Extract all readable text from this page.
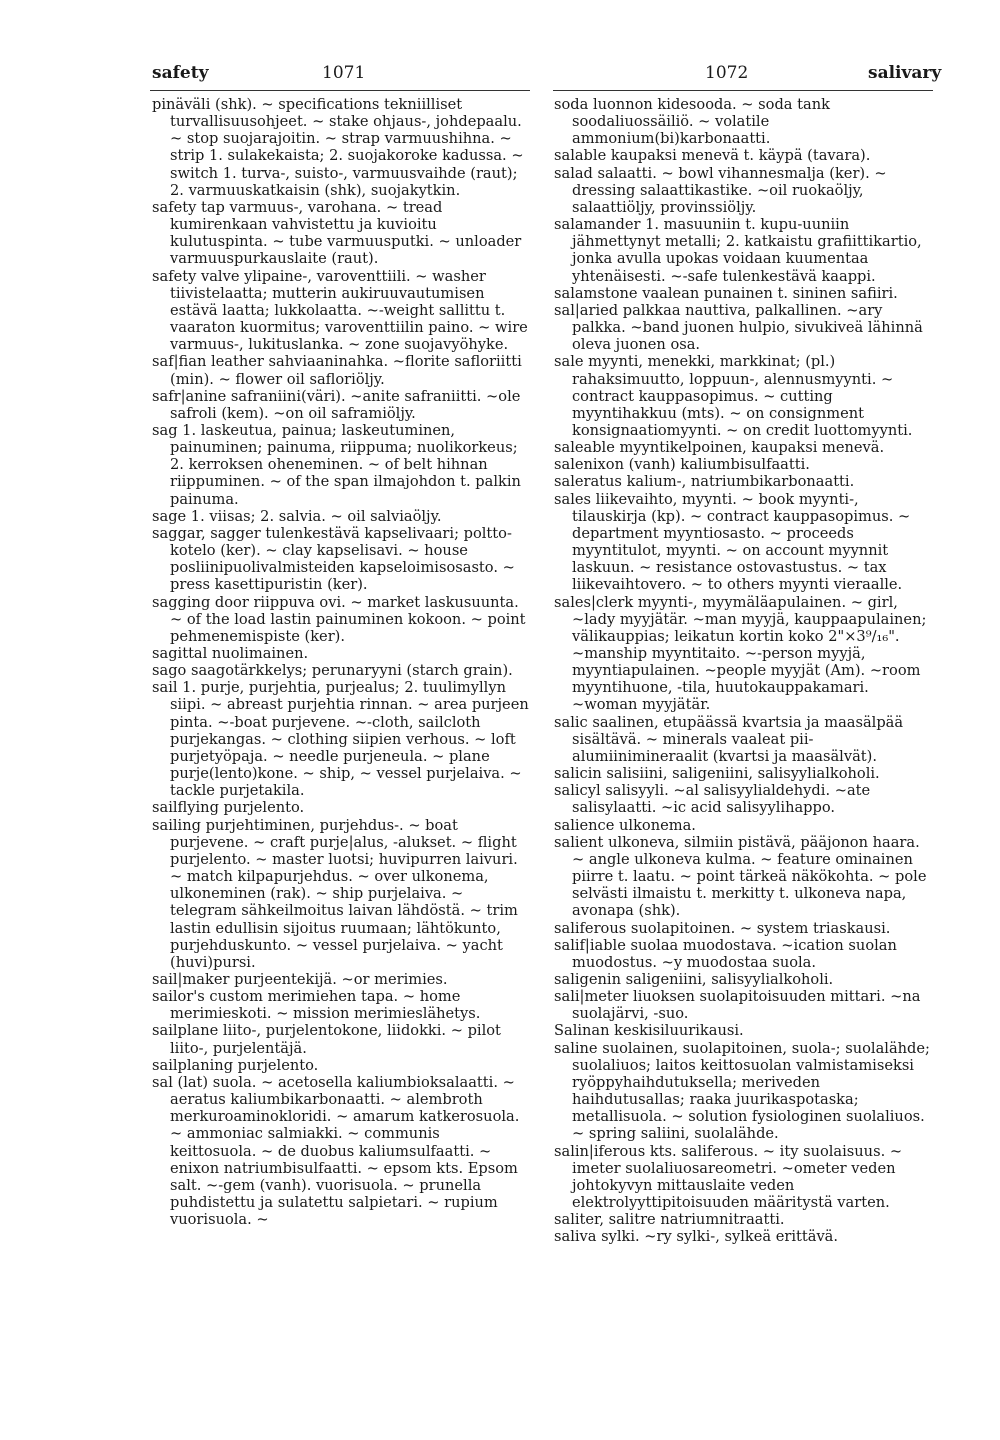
safety	1071	1072	salivary

pinäväli (shk). ~ specifications tekniilliset turvallisuusohjeet. ~ stake ohjaus-, johdepaalu. ~ stop suojarajoitin. ~ strap varmuushihna. ~ strip 1. sulakekaista; 2. suojakoroke kadussa. ~ switch 1. turva-, suisto-, varmuusvaihde (raut); 2. varmuuskatkaisin (shk), suojakytkin.

safety tap varmuus-, varohana. ~ tread kumirenkaan vahvistettu ja kuvioitu kulutuspinta. ~ tube varmuusputki. ~ unloader varmuuspurkauslaite (raut).

safety valve ylipaine-, varoventtiili. ~ washer tiivistelaatta; mutterin aukiruuvautumisen estävä laatta; lukkolaatta. ~-weight sallittu t. vaaraton kuormitus; varoventtiilin paino. ~ wire varmuus-, lukituslanka. ~ zone suojavyöhyke.

saf|fian leather sahviaaninahka. ~florite safloriitti (min). ~ flower oil safloriöljy.

safr|anine safraniini(väri). ~anite safraniitti. ~ole safroli (kem). ~on oil saframiöljy.

sag 1. laskeutua, painua; laskeutuminen, painuminen; painuma, riippuma; nuolikorkeus; 2. kerroksen oheneminen. ~ of belt hihnan riippuminen. ~ of the span ilmajohdon t. palkin painuma.

sage 1. viisas; 2. salvia. ~ oil salviaöljy.

saggar, sagger tulenkestävä kapselivaari; polttokotelo (ker). ~ clay kapselisavi. ~ house posliinipuolivalmisteiden kapseloimisosasto. ~ press kasettipuristin (ker).

sagging door riippuva ovi. ~ market laskusuunta. ~ of the load lastin painuminen kokoon. ~ point pehmenemispiste (ker).

sagittal nuolimainen.

sago saagotärkkelys; perunaryyni (starch grain).

sail 1. purje, purjehtia, purjealus; 2. tuulimyllyn siipi. ~ abreast purjehtia rinnan. ~ area purjeen pinta. ~-boat purjevene. ~-cloth, sailcloth purjekangas. ~ clothing siipien verhous. ~ loft purjetyöpaja. ~ needle purjeneula. ~ plane purje(lento)kone. ~ ship, ~ vessel purjelaiva. ~ tackle purjetakila.

sailflying purjelento.

sailing purjehtiminen, purjehdus-. ~ boat purjevene. ~ craft purje|alus, -alukset. ~ flight purjelento. ~ master luotsi; huvipurren laivuri. ~ match kilpapurjehdus. ~ over ulkonema, ulkoneminen (rak). ~ ship purjelaiva. ~ telegram sähkeilmoitus laivan lähdöstä. ~ trim lastin edullisin sijoitus ruumaan; lähtökunto, purjehduskunto. ~ vessel purjelaiva. ~ yacht (huvi)pursi.

sail|maker purjeentekijä. ~or merimies.

sailor's custom merimiehen tapa. ~ home merimieskoti. ~ mission merimieslähetys.

sailplane liito-, purjelentokone, liidokki. ~ pilot liito-, purjelentäjä.

sailplaning purjelento.

sal (lat) suola. ~ acetosella kaliumbioksalaatti. ~ aeratus kaliumbikarbonaatti. ~ alembroth merkuroaminokloridi. ~ amarum katkerosuola. ~ ammoniac salmiakki. ~ communis keittosuola. ~ de duobus kaliumsulfaatti. ~ enixon natriumbisulfaatti. ~ epsom kts. Epsom salt. ~-gem (vanh). vuorisuola. ~ prunella puhdistettu ja sulatettu salpietari. ~ rupium vuorisuola. ~

soda luonnon kidesooda. ~ soda tank soodaliuossäiliö. ~ volatile ammonium(bi)karbonaatti.

salable kaupaksi menevä t. käypä (tavara).

salad salaatti. ~ bowl vihannesmalja (ker). ~ dressing salaattikastike. ~oil ruokaöljy, salaattiöljy, provinssiöljy.

salamander 1. masuuniin t. kupu-uuniin jähmettynyt metalli; 2. katkaistu grafiittikartio, jonka avulla upokas voidaan kuumentaa yhtenäisesti. ~-safe tulenkestävä kaappi.

salamstone vaalean punainen t. sininen safiiri.

sal|aried palkkaa nauttiva, palkallinen. ~ary palkka. ~band juonen hulpio, sivukiveä lähinnä oleva juonen osa.

sale myynti, menekki, markkinat; (pl.) rahaksimuutto, loppuun-, alennusmyynti. ~ contract kauppasopimus. ~ cutting myyntihakkuu (mts). ~ on consignment konsignaatiomyynti. ~ on credit luottomyynti.

saleable myyntikelpoinen, kaupaksi menevä.

salenixon (vanh) kaliumbisulfaatti.

saleratus kalium-, natriumbikarbonaatti.

sales liikevaihto, myynti. ~ book myynti-, tilauskirja (kp). ~ contract kauppasopimus. ~ department myyntiosasto. ~ proceeds myyntitulot, myynti. ~ on account myynnit laskuun. ~ resistance ostovastustus. ~ tax liikevaihtovero. ~ to others myynti vieraalle.

sales|clerk myynti-, myymäläapulainen. ~ girl, ~lady myyjätär. ~man myyjä, kauppaapulainen; välikauppias; leikatun kortin koko 2"×3⁹/₁₆". ~manship myyntitaito. ~-person myyjä, myyntiapulainen. ~people myyjät (Am). ~room myyntihuone, -tila, huutokauppakamari. ~woman myyjätär.

salic saalinen, etupäässä kvartsia ja maasälpää sisältävä. ~ minerals vaaleat pii-alumiinimineraalit (kvartsi ja maasälvät).

salicin salisiini, saligeniini, salisyylialkoholi.

salicyl salisyyli. ~al salisyylialdehydi. ~ate salisylaatti. ~ic acid salisyylihappo.

salience ulkonema.

salient ulkoneva, silmiin pistävä, pääjonon haara. ~ angle ulkoneva kulma. ~ feature ominainen piirre t. laatu. ~ point tärkeä näkökohta. ~ pole selvästi ilmaistu t. merkitty t. ulkoneva napa, avonapa (shk).

saliferous suolapitoinen. ~ system triaskausi.

salif|iable suolaa muodostava. ~ication suolan muodostus. ~y muodostaa suola.

saligenin saligeniini, salisyylialkoholi.

sali|meter liuoksen suolapitoisuuden mittari. ~na suolajärvi, -suo.

Salinan keskisiluurikausi.

saline suolainen, suolapitoinen, suola-; suolalähde; suolaliuos; laitos keittosuolan valmistamiseksi ryöppyhaihdutuksella; meriveden haihdutusallas; raaka juurikaspotaska; metallisuola. ~ solution fysiologinen suolaliuos. ~ spring saliini, suolalähde.

salin|iferous kts. saliferous. ~ ity suolaisuus. ~ imeter suolaliuosareometri. ~ometer veden johtokyvyn mittauslaite veden elektrolyyttipitoisuuden määritystä varten.

saliter, salitre natriumnitraatti.

saliva sylki. ~ry sylki-, sylkeä erittävä.
